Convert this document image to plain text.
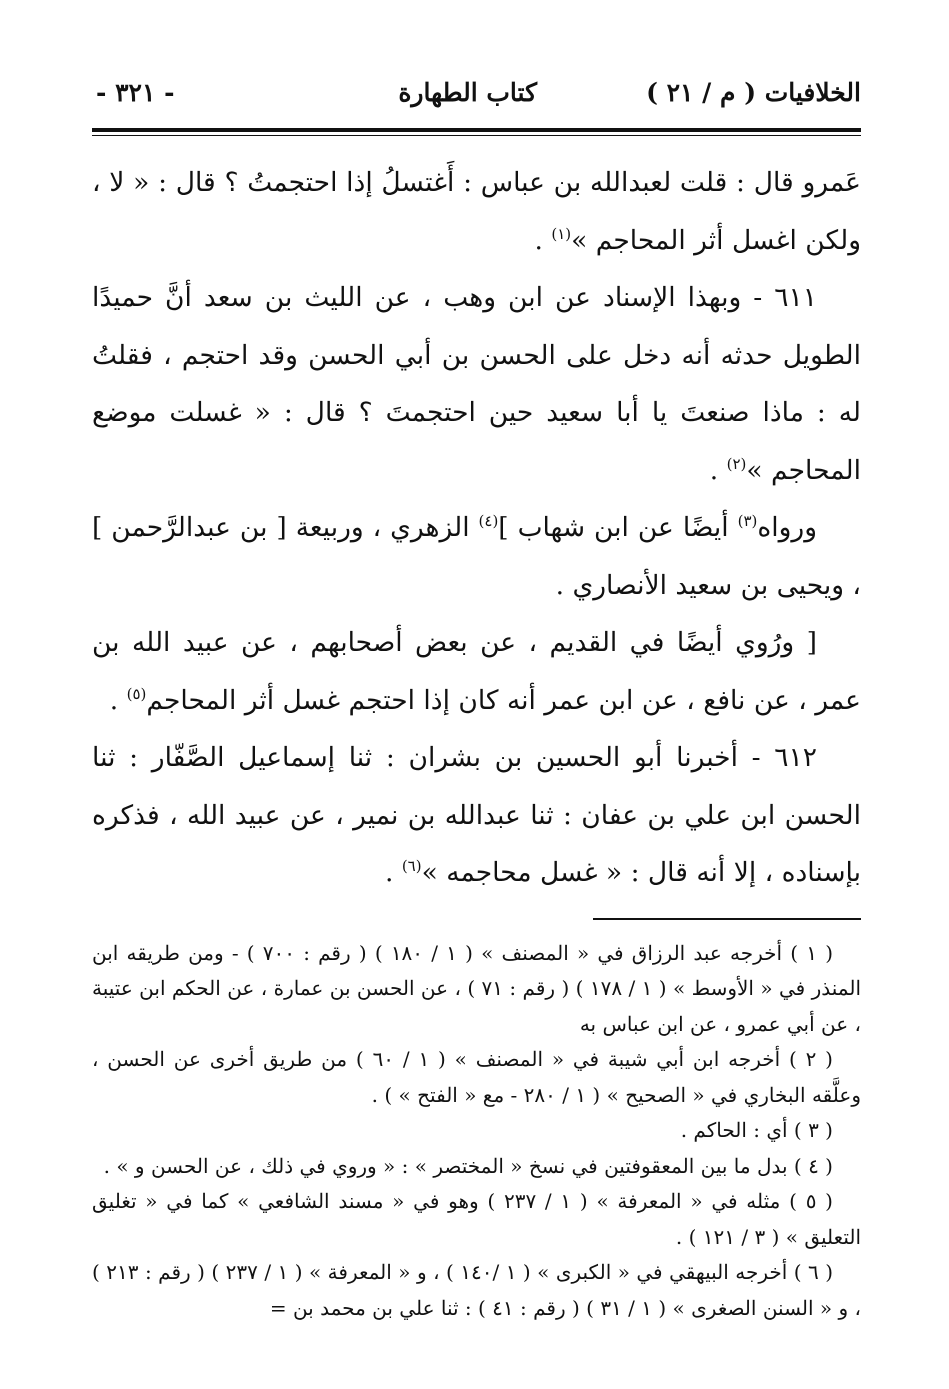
الخلافيات ( م / ٢١ )
كتاب الطهارة
- ٣٢١ -

عَمرو قال : قلت لعبدالله بن عباس : أَغتسلُ إذا احتجمتُ ؟ قال : « لا ، ولكن اغسل أثر المحاجم »$^{(١)}$ .

٦١١ - وبهذا الإسناد عن ابن وهب ، عن الليث بن سعد أنَّ حميدًا الطويل حدثه أنه دخل على الحسن بن أبي الحسن وقد احتجم ، فقلتُ له : ماذا صنعتَ يا أبا سعيد حين احتجمتَ ؟ قال : « غسلت موضع المحاجم »$^{(٢)}$ .

ورواه$^{(٣)}$ أيضًا عن ابن شهاب ]$^{(٤)}$ الزهري ، وربيعة [ بن عبدالرَّحمن ] ، ويحيى بن سعيد الأنصاري .

[ ورُوي أيضًا في القديم ، عن بعض أصحابهم ، عن عبيد الله بن عمر ، عن نافع ، عن ابن عمر أنه كان إذا احتجم غسل أثر المحاجم$^{(٥)}$ .

٦١٢ - أخبرنا أبو الحسين بن بشران : ثنا إسماعيل الصَّفّار : ثنا الحسن ابن علي بن عفان : ثنا عبدالله بن نمير ، عن عبيد الله ، فذكره بإسناده ، إلا أنه قال : « غسل محاجمه »$^{(٦)}$ .

( ١ ) أخرجه عبد الرزاق في « المصنف » ( ١ / ١٨٠ ) ( رقم : ٧٠٠ ) - ومن طريقه ابن المنذر في « الأوسط » ( ١ / ١٧٨ ) ( رقم : ٧١ ) ، عن الحسن بن عمارة ، عن الحكم ابن عتيبة ، عن أبي عمرو ، عن ابن عباس به

( ٢ ) أخرجه ابن أبي شيبة في « المصنف » ( ١ / ٦٠ ) من طريق أخرى عن الحسن ، وعلَّقه البخاري في « الصحيح » ( ١ / ٢٨٠ - مع « الفتح » ) .

( ٣ ) أي : الحاكم .

( ٤ ) بدل ما بين المعقوفتين في نسخ « المختصر » : « وروي في ذلك ، عن الحسن و » .

( ٥ ) مثله في « المعرفة » ( ١ / ٢٣٧ ) وهو في « مسند الشافعي » كما في « تغليق التعليق » ( ٣ / ١٢١ ) .

( ٦ ) أخرجه البيهقي في « الكبرى » ( ١ /١٤٠ ) ، و « المعرفة » ( ١ / ٢٣٧ ) ( رقم : ٢١٣ ) ، و « السنن الصغرى » ( ١ / ٣١ ) ( رقم : ٤١ ) : ثنا علي بن محمد بن =
